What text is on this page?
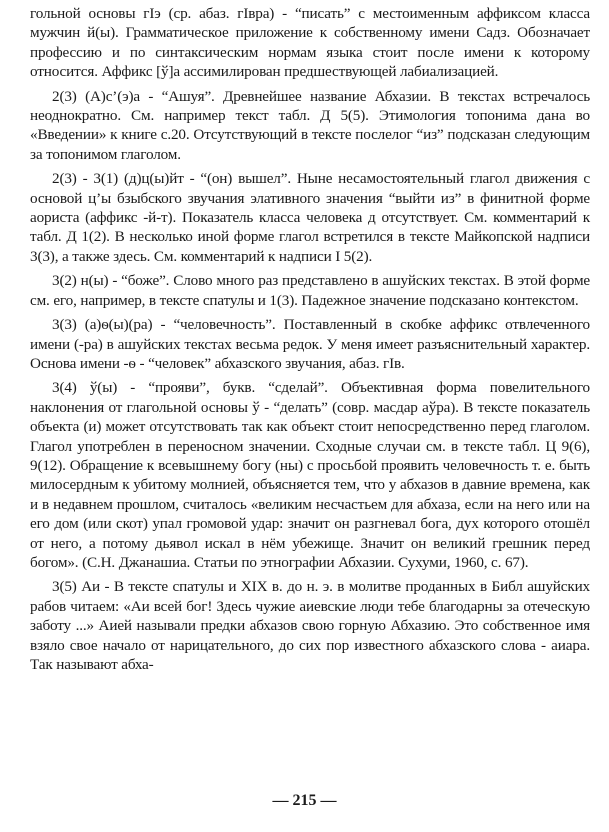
гольной основы гIэ (ср. абаз. гIвра) - “писать” с местоименным аффиксом класса мужчин й(ы). Грамматическое приложение к собственному имени Садз. Обозначает профессию и по синтаксическим нормам языка стоит после имени к которому относится. Аффикс [ў]а ассимилирован предшествующей лабиализацией.

2(3) (А)с’(э)а - “Ашуя”. Древнейшее название Абхазии. В текстах встречалось неоднократно. См. например текст табл. Д 5(5). Этимология топонима дана во «Введении» к книге с.20. Отсутствующий в тексте послелог “из” подсказан следующим за топонимом глаголом.

2(3) - 3(1) (д)ц(ы)йт - “(он) вышел”. Ныне несамостоятельный глагол движения с основой ц’ы бзыбского звучания элативного значения “выйти из” в финитной форме аориста (аффикс -й-т). Показатель класса человека д отсутствует. См. комментарий к табл. Д 1(2). В несколько иной форме глагол встретился в тексте Майкопской надписи 3(3), а также здесь. См. комментарий к надписи I 5(2).

3(2) н(ы) - “боже”. Слово много раз представлено в ашуйских текстах. В этой форме см. его, например, в тексте спатулы и 1(3). Падежное значение подсказано контекстом.

3(3) (а)ѳ(ы)(ра) - “человечность”. Поставленный в скобке аффикс отвлеченного имени (-ра) в ашуйских текстах весьма редок. У меня имеет разъяснительный характер. Основа имени -ѳ - “человек” абхазского звучания, абаз. гIв.

3(4) ў(ы) - “прояви”, букв. “сделай”. Объективная форма повелительного наклонения от глагольной основы ў - “делать” (совр. масдар аўра). В тексте показатель объекта (и) может отсутствовать так как объект стоит непосредственно перед глаголом. Глагол употреблен в переносном значении. Сходные случаи см. в тексте табл. Ц 9(6), 9(12). Обращение к всевышнему богу (ны) с просьбой проявить человечность т. е. быть милосердным к убитому молнией, объясняется тем, что у абхазов в давние времена, как и в недавнем прошлом, считалось «великим несчастьем для абхаза, если на него или на его дом (или скот) упал громовой удар: значит он разгневал бога, дух которого отошёл от него, а потому дьявол искал в нём убежище. Значит он великий грешник перед богом». (С.Н. Джанашиа. Статьи по этнографии Абхазии. Сухуми, 1960, с. 67).

3(5) Аи - В тексте спатулы и XIX в. до н. э. в молитве проданных в Библ ашуйских рабов читаем: «Аи всей бог! Здесь чужие аиевские люди тебе благодарны за отеческую заботу ...» Аией называли предки абхазов свою горную Абхазию. Это собственное имя взяло свое начало от нарицательного, до сих пор известного абхазского слова - аиара. Так называют абха-

— 215 —
